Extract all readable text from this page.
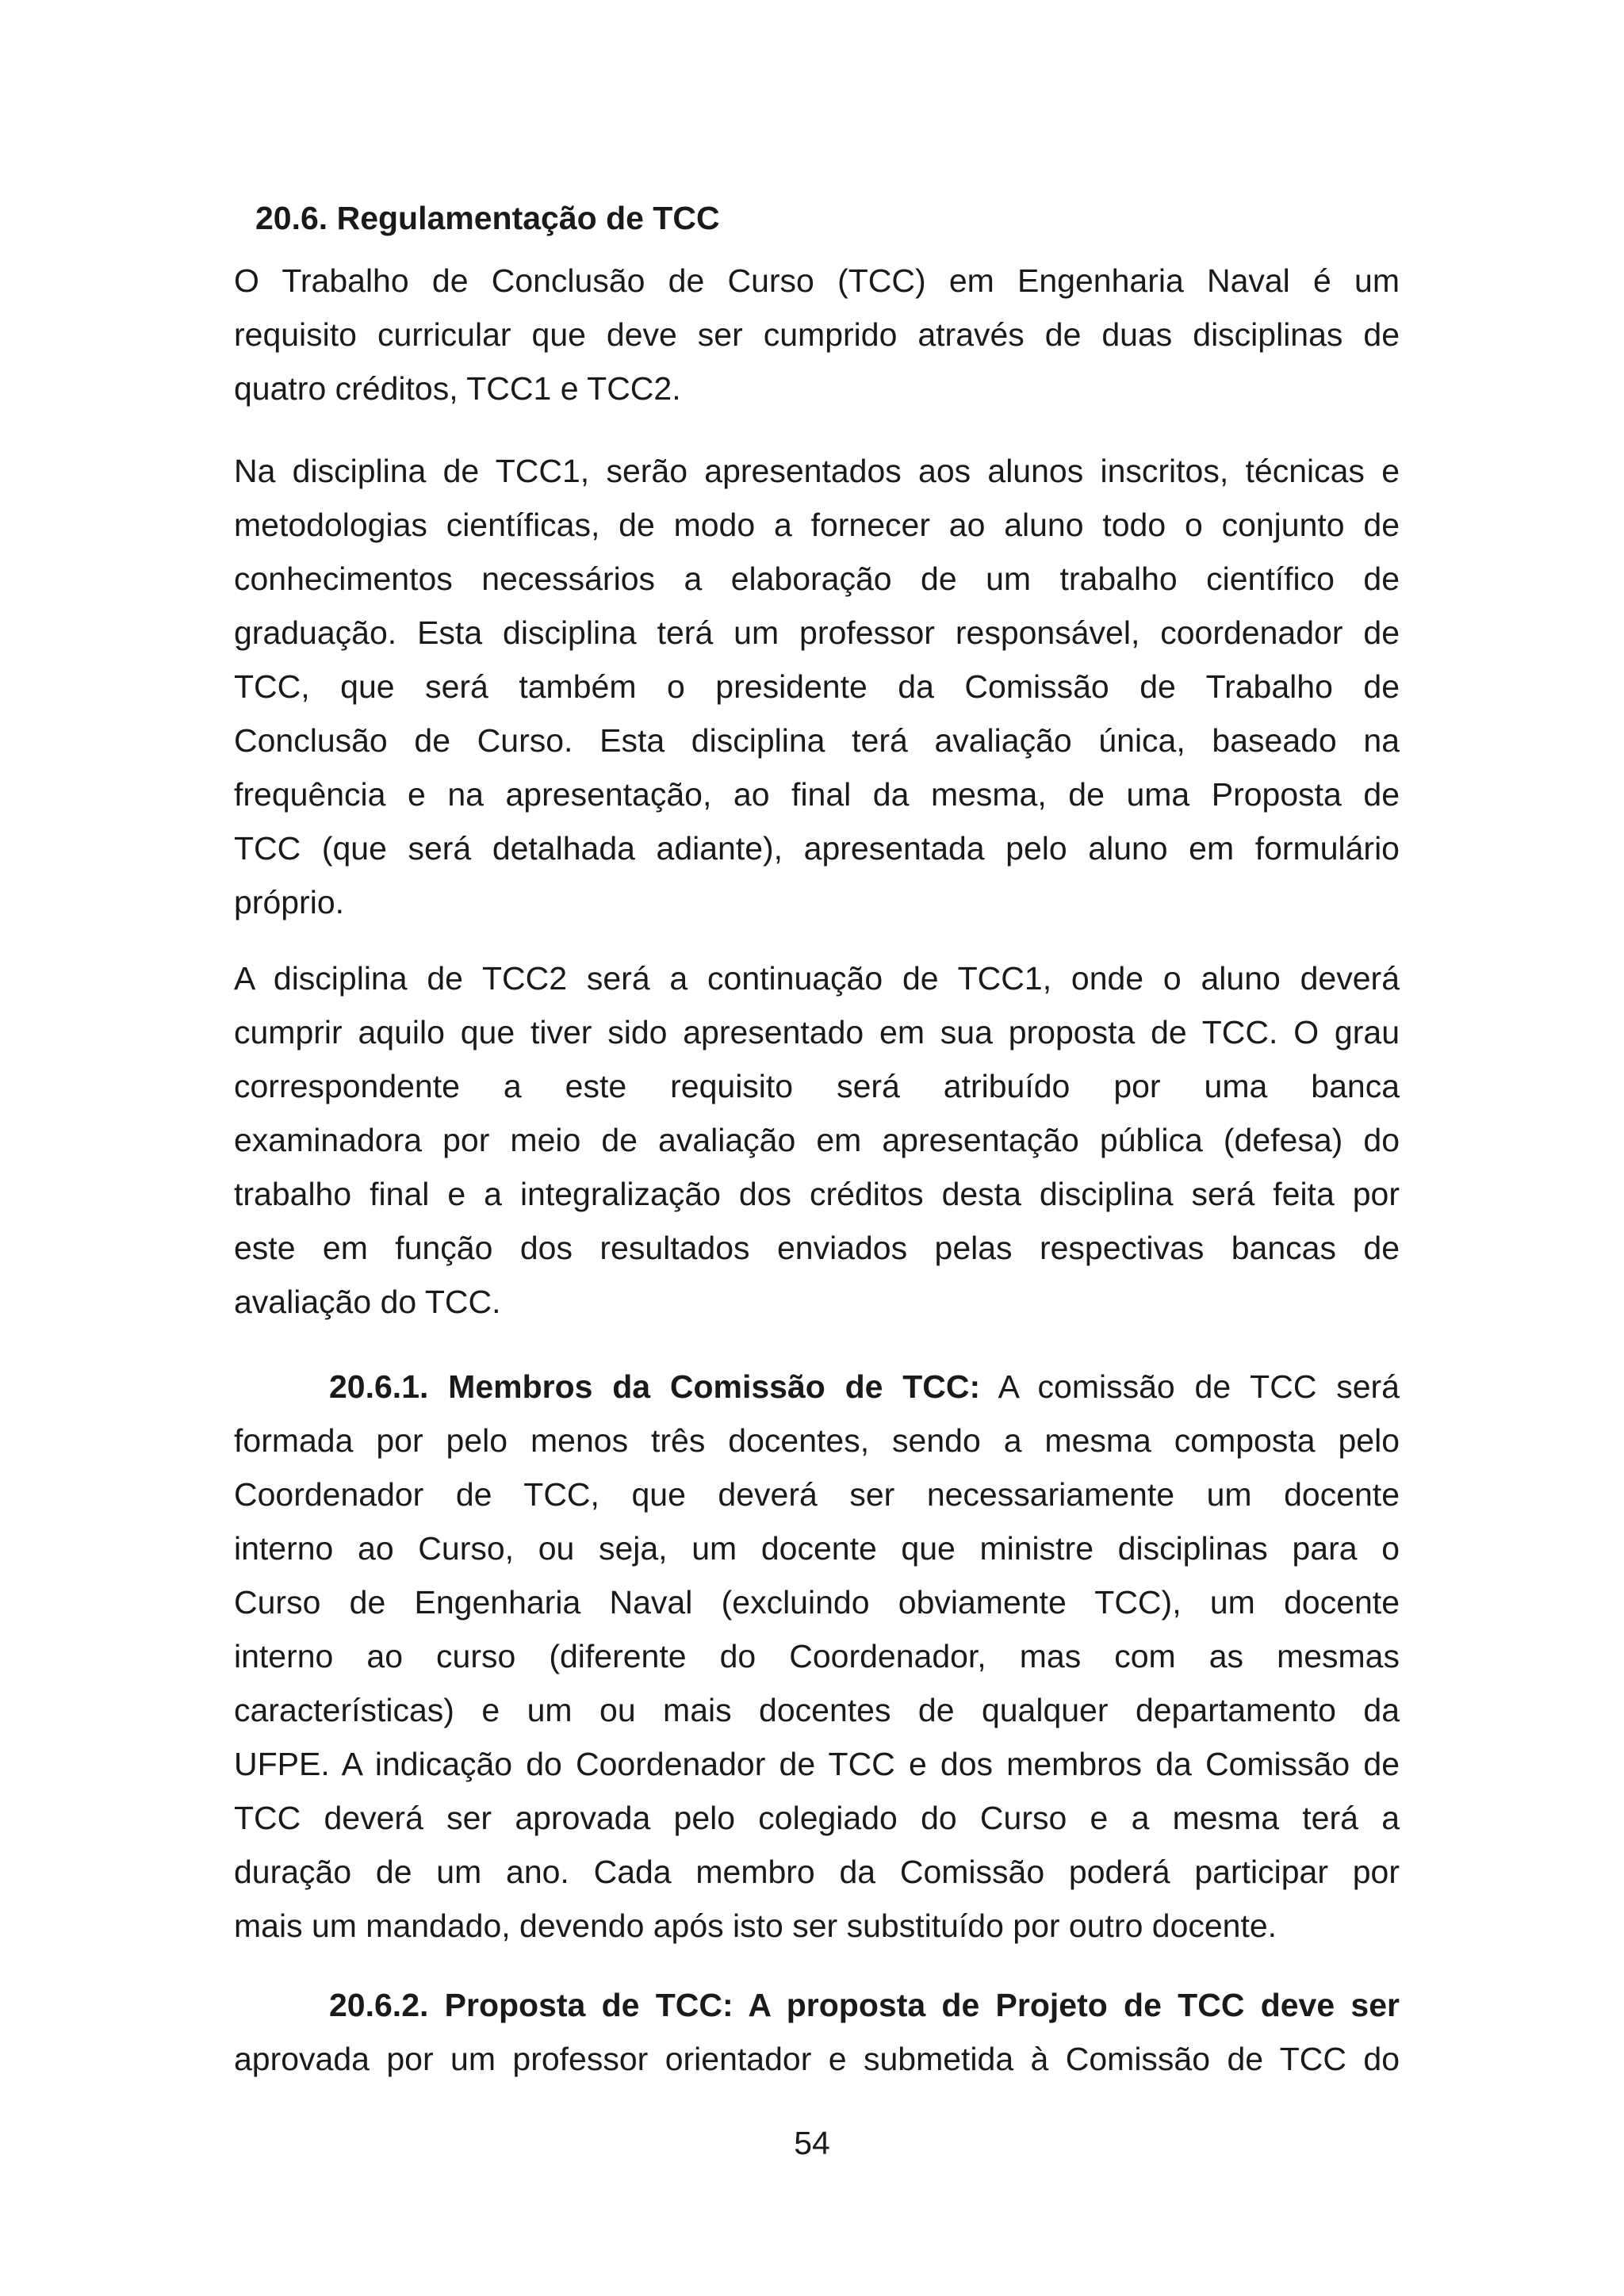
20.6. Regulamentação de TCC
O Trabalho de Conclusão de Curso (TCC) em Engenharia Naval é um
requisito curricular que deve ser cumprido através de duas disciplinas de
quatro créditos, TCC1 e TCC2.
Na disciplina de TCC1, serão apresentados aos alunos inscritos, técnicas e
metodologias científicas, de modo a fornecer ao aluno todo o conjunto de
conhecimentos necessários a elaboração de um trabalho científico de
graduação. Esta disciplina terá um professor responsável, coordenador de
TCC, que será também o presidente da Comissão de Trabalho de
Conclusão de Curso. Esta disciplina terá avaliação única, baseado na
frequência e na apresentação, ao final da mesma, de uma Proposta de
TCC (que será detalhada adiante), apresentada pelo aluno em formulário
próprio.
A disciplina de TCC2 será a continuação de TCC1, onde o aluno deverá
cumprir aquilo que tiver sido apresentado em sua proposta de TCC. O grau
correspondente a este requisito será atribuído por uma banca
examinadora por meio de avaliação em apresentação pública (defesa) do
trabalho final e a integralização dos créditos desta disciplina será feita por
este em função dos resultados enviados pelas respectivas bancas de
avaliação do TCC.
20.6.1. Membros da Comissão de TCC: A comissão de TCC será
formada por pelo menos três docentes, sendo a mesma composta pelo
Coordenador de TCC, que deverá ser necessariamente um docente
interno ao Curso, ou seja, um docente que ministre disciplinas para o
Curso de Engenharia Naval (excluindo obviamente TCC), um docente
interno ao curso (diferente do Coordenador, mas com as mesmas
características) e um ou mais docentes de qualquer departamento da
UFPE. A indicação do Coordenador de TCC e dos membros da Comissão de
TCC deverá ser aprovada pelo colegiado do Curso e a mesma terá a
duração de um ano. Cada membro da Comissão poderá participar por
mais um mandado, devendo após isto ser substituído por outro docente.
20.6.2. Proposta de TCC: A proposta de Projeto de TCC deve ser
aprovada por um professor orientador e submetida à Comissão de TCC do
54
